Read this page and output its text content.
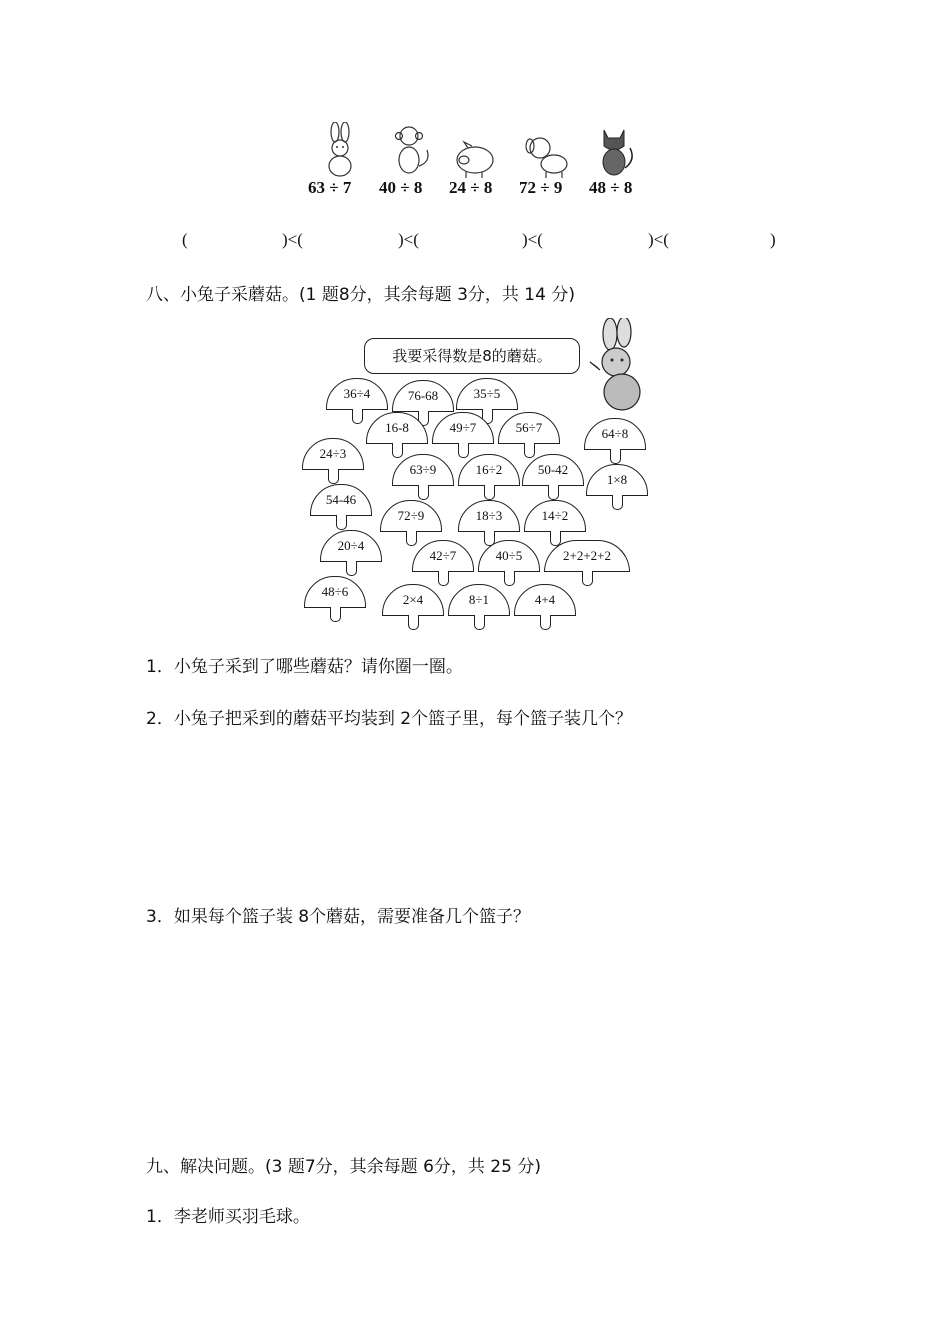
63 ÷ 7 40 ÷ 8 24 ÷ 8 72 ÷ 9 48 ÷ 8
(	)<(	)<(	)<(	)<(	)
八、小兔子采蘑菇。(1 题8分，其余每题 3分，共 14 分)
我要采得数是8的蘑菇。
36÷4	76-68	35÷5
16-8	49÷7	56÷7	64÷8
24÷3
63÷9	16÷2	50-42
1×8
54-46
72÷9	18÷3	14÷2
20÷4
42÷7	40÷5	2+2+2+2
48÷6
2×4	8÷1	4+4
1．小兔子采到了哪些蘑菇？请你圈一圈。
2．小兔子把采到的蘑菇平均装到 2个篮子里，每个篮子装几个？
3．如果每个篮子装 8个蘑菇，需要准备几个篮子？
九、解决问题。(3 题7分，其余每题 6分，共 25 分)
1．李老师买羽毛球。
